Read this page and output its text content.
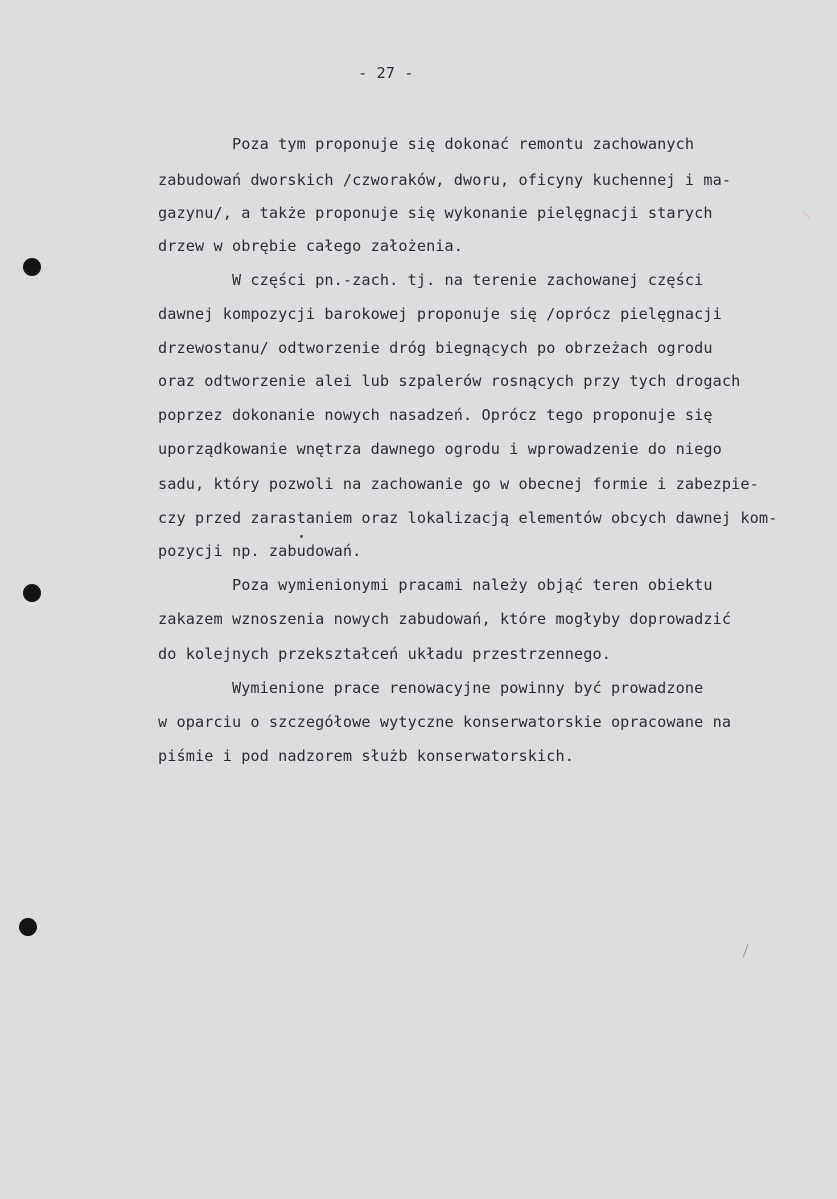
- 27 -
Poza tym proponuje się dokonać remontu zachowanych
zabudowań dworskich /czworaków, dworu, oficyny kuchennej i ma-
gazynu/, a także proponuje się wykonanie pielęgnacji starych
drzew w obrębie całego założenia.
W części pn.-zach. tj. na terenie zachowanej części
dawnej kompozycji barokowej proponuje się /oprócz pielęgnacji
drzewostanu/ odtworzenie dróg biegnących po obrzeżach ogrodu
oraz odtworzenie alei lub szpalerów rosnących przy tych drogach
poprzez dokonanie nowych nasadzeń. Oprócz tego proponuje się
uporządkowanie wnętrza dawnego ogrodu i wprowadzenie do niego
sadu, który pozwoli na zachowanie go w obecnej formie i zabezpie-
czy przed zarastaniem oraz lokalizacją elementów obcych dawnej kom-
pozycji np. zabudowań.
Poza wymienionymi pracami należy objąć teren obiektu
zakazem wznoszenia nowych zabudowań, które mogłyby doprowadzić
do kolejnych przekształceń układu przestrzennego.
Wymienione prace renowacyjne powinny być prowadzone
w oparciu o szczegółowe wytyczne konserwatorskie opracowane na
piśmie i pod nadzorem służb konserwatorskich.
